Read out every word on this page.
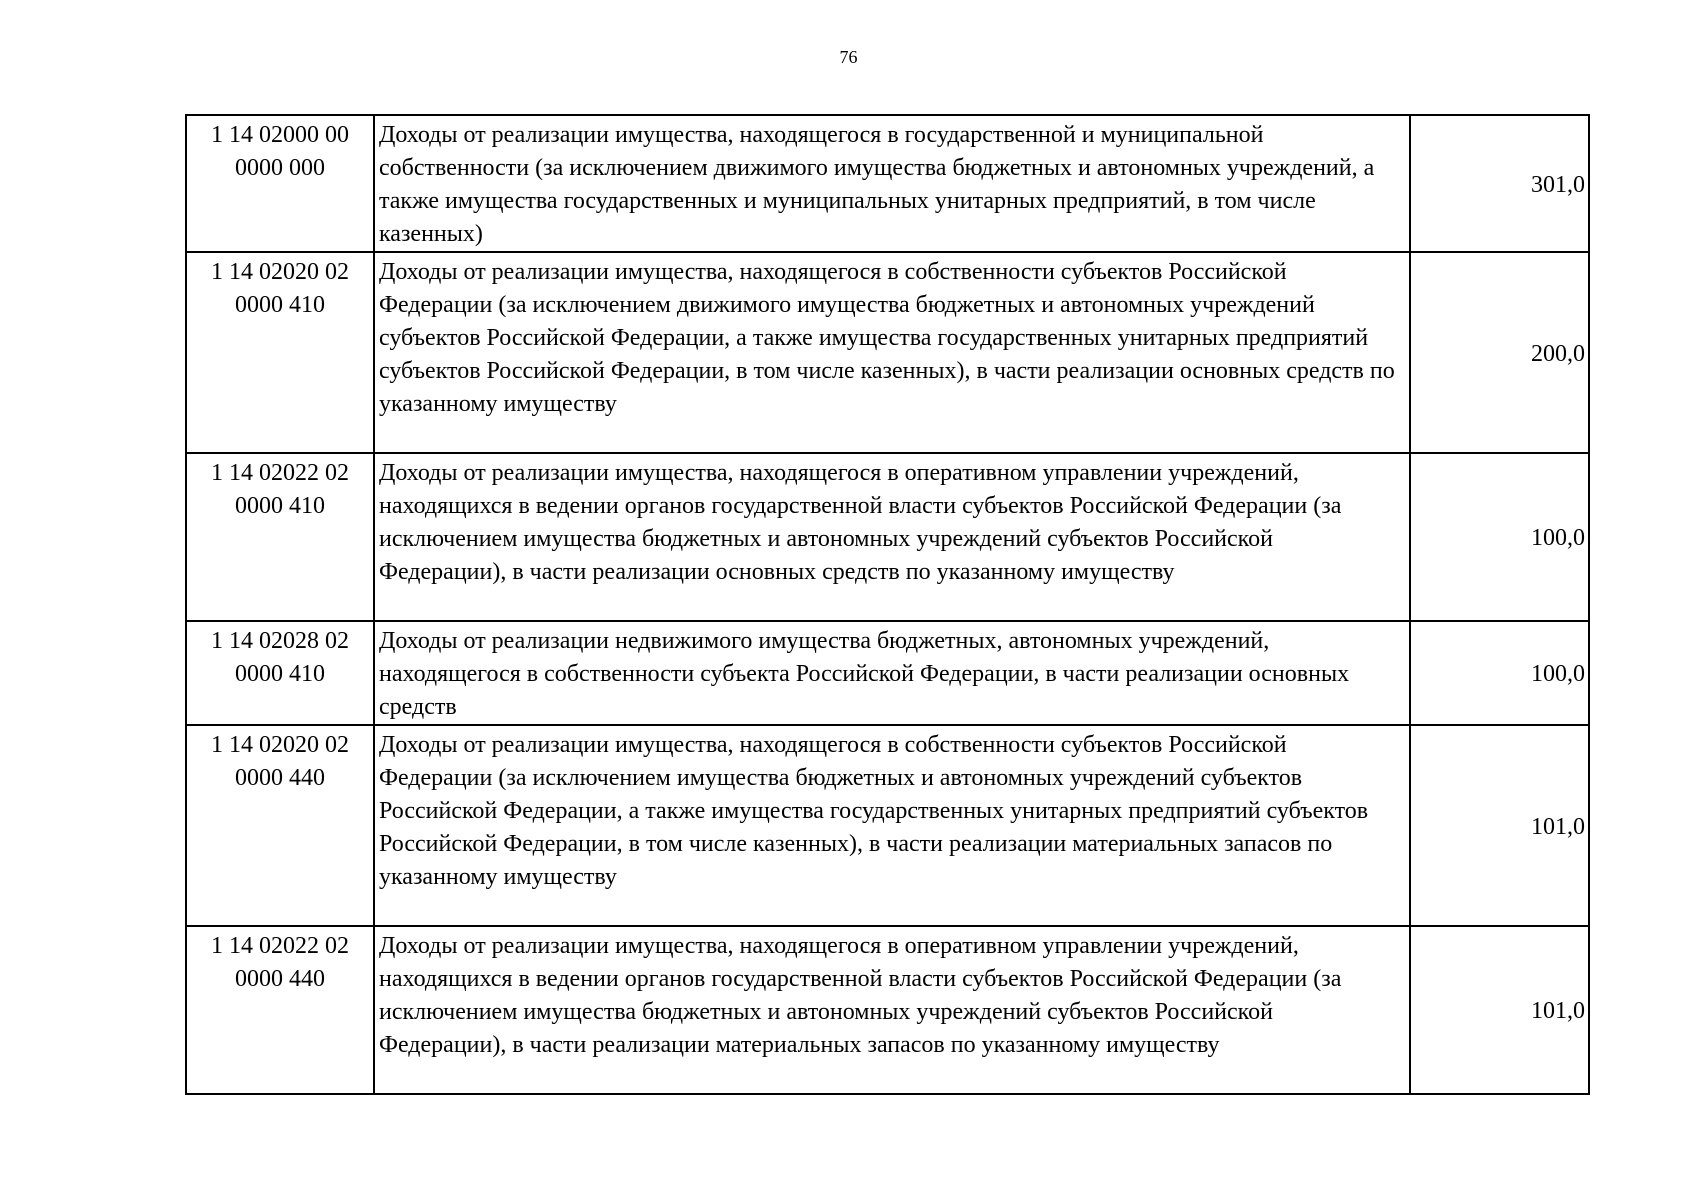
76
1 14 02000 00
0000 000	Доходы от реализации имущества, находящегося в государственной и муниципальной собственности (за исключением движимого имущества бюджетных и автономных учреждений, а также имущества государственных и муниципальных унитарных предприятий, в том числе казенных)	301,0
1 14 02020 02
0000 410	Доходы от реализации имущества, находящегося в собственности субъектов Российской Федерации (за исключением движимого имущества бюджетных и автономных учреждений субъектов Российской Федерации, а также имущества государственных унитарных предприятий субъектов Российской Федерации, в том числе казенных), в части реализации основных средств по указанному имуществу	200,0
1 14 02022 02
0000 410	Доходы от реализации имущества, находящегося в оперативном управлении учреждений, находящихся в ведении органов государственной власти субъектов Российской Федерации (за исключением имущества бюджетных и автономных учреждений субъектов Российской Федерации), в части реализации основных средств по указанному имуществу	100,0
1 14 02028 02
0000 410	Доходы от реализации недвижимого имущества бюджетных, автономных учреждений, находящегося в собственности субъекта Российской Федерации, в части реализации основных средств	100,0
1 14 02020 02
0000 440	Доходы от реализации имущества, находящегося в собственности субъектов Российской Федерации (за исключением имущества бюджетных и автономных учреждений субъектов Российской Федерации, а также имущества государственных унитарных предприятий субъектов Российской Федерации, в том числе казенных), в части реализации материальных запасов по указанному имуществу	101,0
1 14 02022 02
0000 440	Доходы от реализации имущества, находящегося в оперативном управлении учреждений, находящихся в ведении органов государственной власти субъектов Российской Федерации (за исключением имущества бюджетных и автономных учреждений субъектов Российской Федерации), в части реализации материальных запасов по указанному имуществу	101,0
